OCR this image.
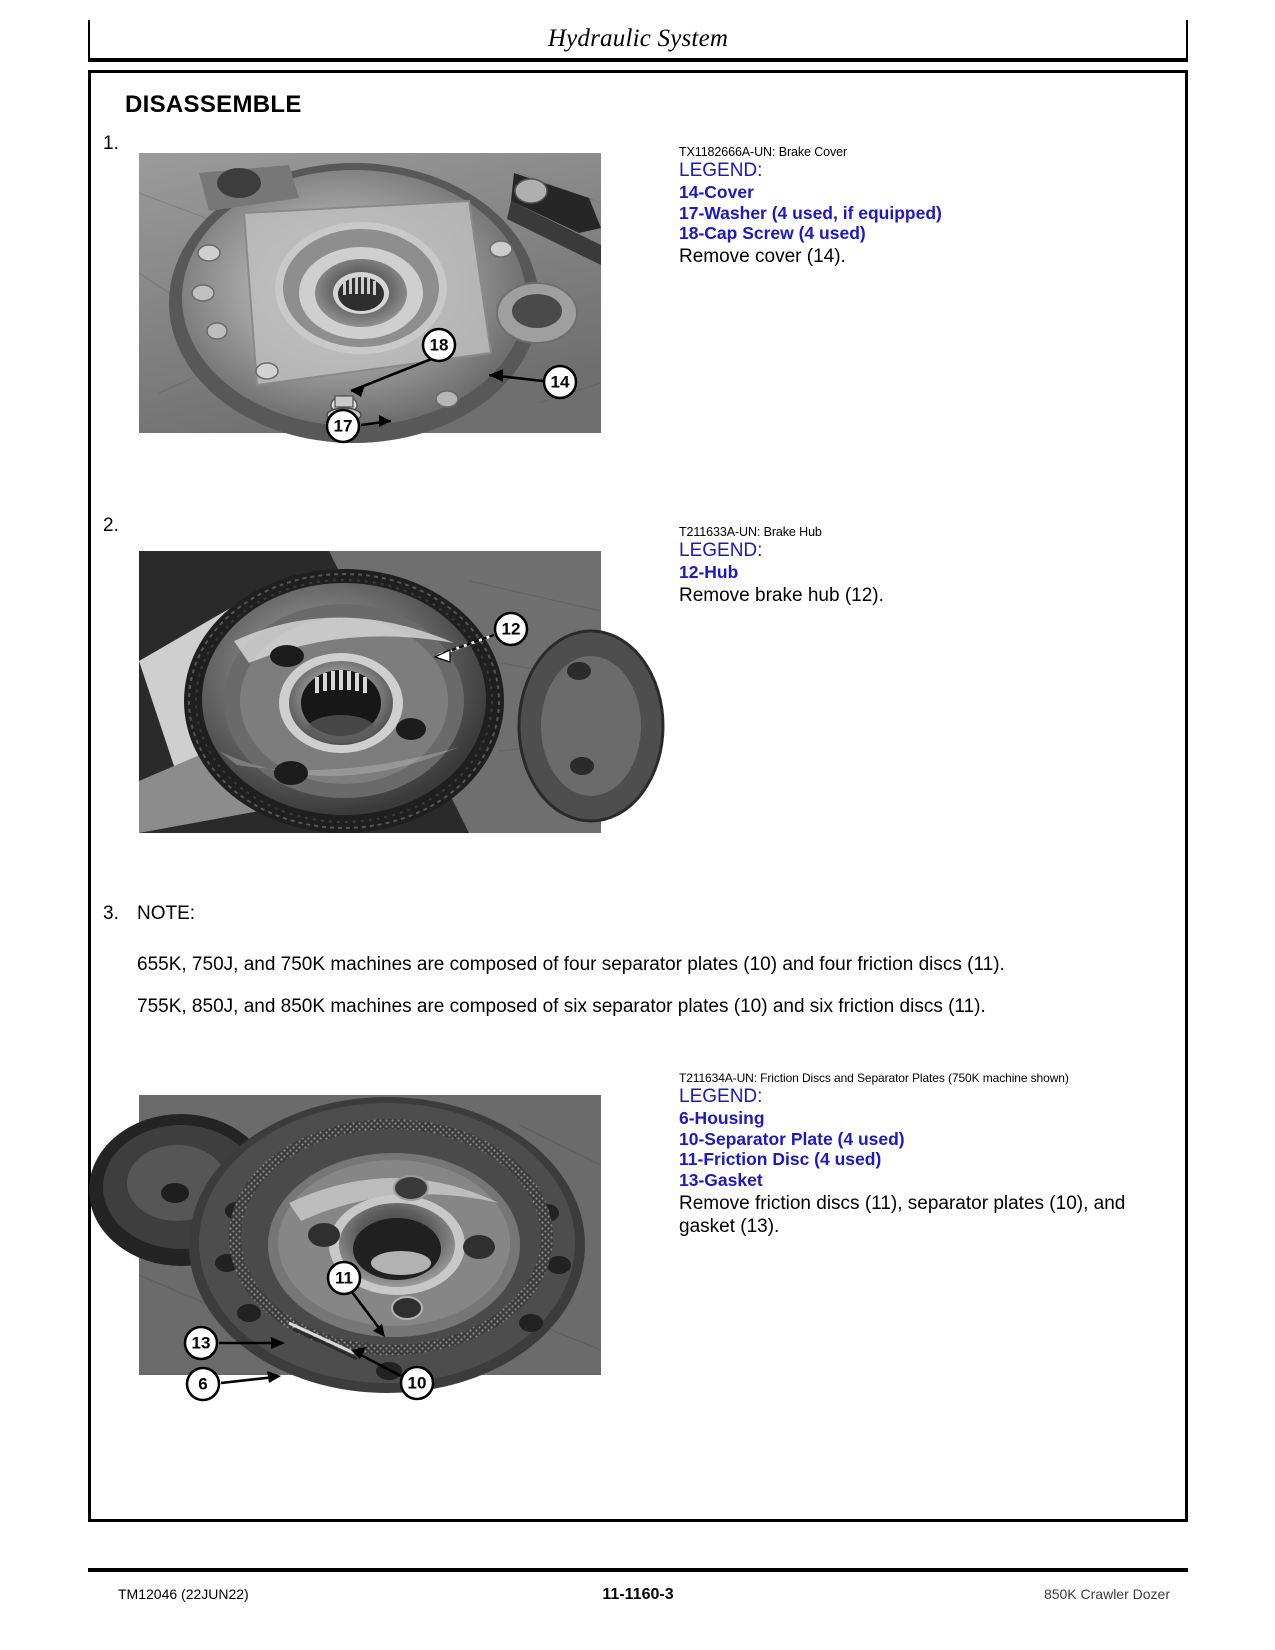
Hydraulic System
DISASSEMBLE
1.
18
14
17
TX1182666A-UN: Brake Cover
LEGEND:
14-Cover
17-Washer (4 used, if equipped)
18-Cap Screw (4 used)
Remove cover (14).
2.
12
T211633A-UN: Brake Hub
LEGEND:
12-Hub
Remove brake hub (12).
3. NOTE:
655K, 750J, and 750K machines are composed of four separator plates (10) and four friction discs (11).
755K, 850J, and 850K machines are composed of six separator plates (10) and six friction discs (11).
11
13
6	10
T211634A-UN: Friction Discs and Separator Plates (750K machine shown)
LEGEND:
6-Housing
10-Separator Plate (4 used)
11-Friction Disc (4 used)
13-Gasket
Remove friction discs (11), separator plates (10), and gasket (13).
TM12046 (22JUN22)	11-1160-3	850K Crawler Dozer
